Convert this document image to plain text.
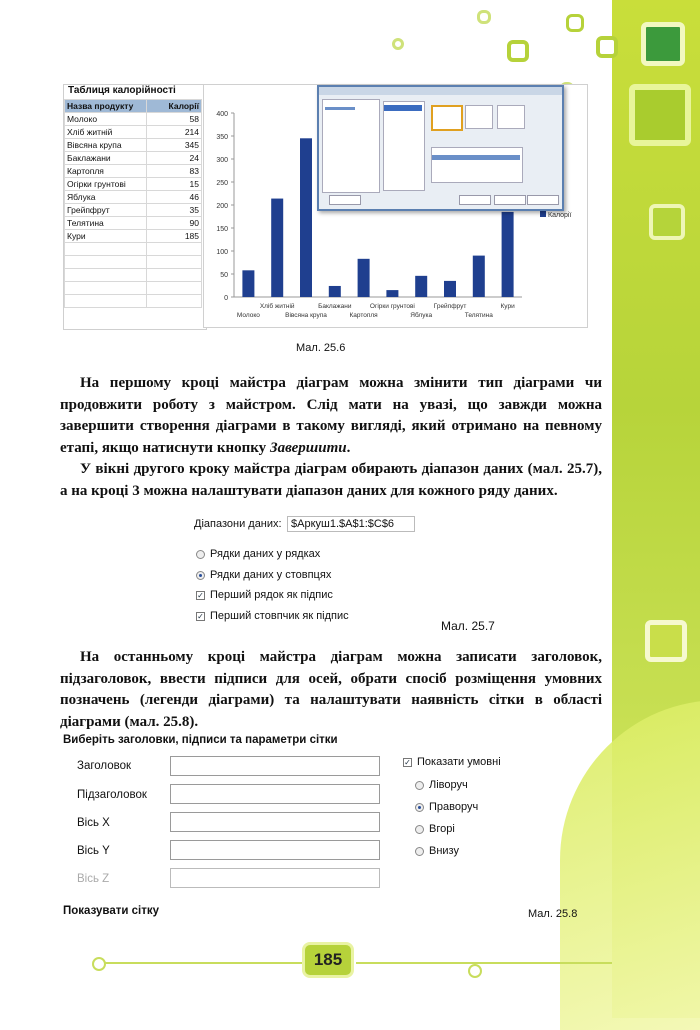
Таблиця калорійності
Назва продукту	Калорії
Молоко	58
Хліб житній	214
Вівсяна крупа	345
Баклажани	24
Картопля	83
Огірки грунтові	15
Яблука	46
Грейпфрут	35
Телятина	90
Кури	185

0
50
100
150
200
250
300
350
400
Молоко
Хліб житній
Вівсяна крупа
Баклажани
Картопля
Огірки грунтові
Яблука
Грейпфрут
Телятина
Кури
Калорії
Мал. 25.6

На першому кроці майстра діаграм можна змінити тип діаграми чи продовжити роботу з майстром. Слід мати на увазі, що завжди можна завершити створення діаграми в такому вигляді, який отримано на певному етапі, якщо натиснути кнопку Завершити.

У вікні другого кроку майстра діаграм обирають діапазон даних (мал. 25.7), а на кроці 3 можна налаштувати діапазон даних для кожного ряду даних.

Діапазони даних: $Аркуш1.$A$1:$C$6
Рядки даних у рядках
Рядки даних у стовпцях
✓ Перший рядок як підпис
✓ Перший стовпчик як підпис
Мал. 25.7

На останньому кроці майстра діаграм можна записати заголовок, підзаголовок, ввести підписи для осей, обрати спосіб розміщення умовних позначень (легенди діаграми) та налаштувати наявність сітки в області діаграми (мал. 25.8).

Виберіть заголовки, підписи та параметри сітки
Заголовок
Підзаголовок
Вісь X
Вісь Y
Вісь Z
✓ Показати умовні
Ліворуч
Праворуч
Вгорі
Внизу
Показувати сітку	Мал. 25.8
185
